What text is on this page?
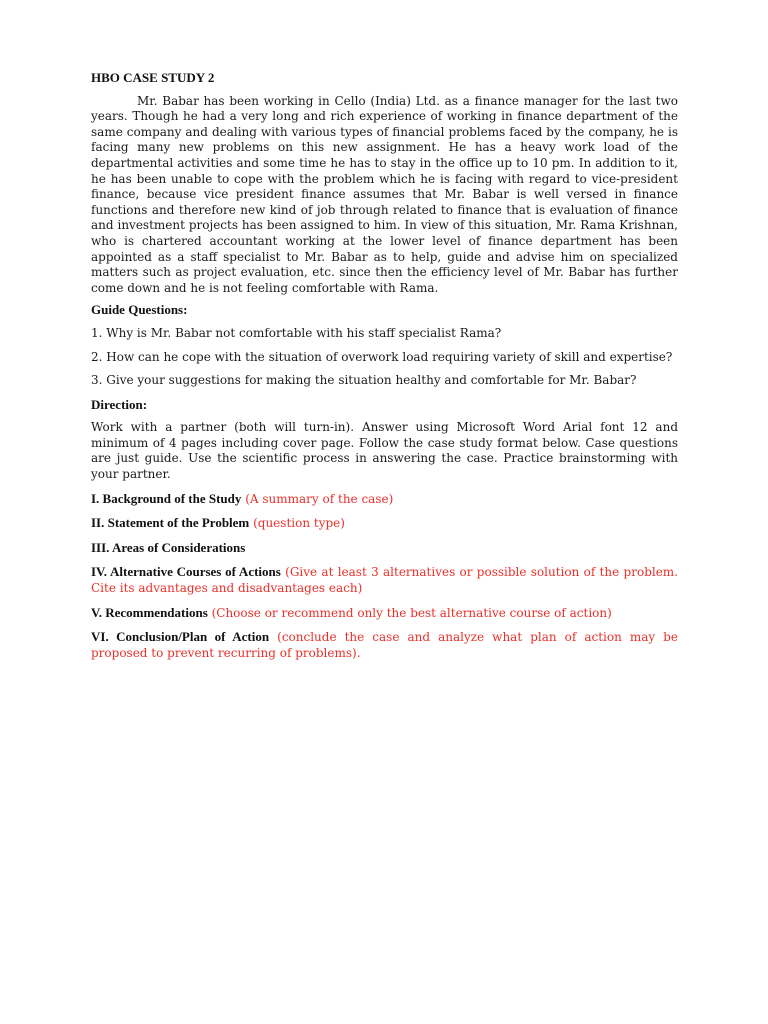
HBO CASE STUDY 2

Mr. Babar has been working in Cello (India) Ltd. as a finance manager for the last two years. Though he had a very long and rich experience of working in finance department of the same company and dealing with various types of financial problems faced by the company, he is facing many new problems on this new assignment. He has a heavy work load of the departmental activities and some time he has to stay in the office up to 10 pm. In addition to it, he has been unable to cope with the problem which he is facing with regard to vice-president finance, because vice president finance assumes that Mr. Babar is well versed in finance functions and therefore new kind of job through related to finance that is evaluation of finance and investment projects has been assigned to him. In view of this situation, Mr. Rama Krishnan, who is chartered accountant working at the lower level of finance department has been appointed as a staff specialist to Mr. Babar as to help, guide and advise him on specialized matters such as project evaluation, etc. since then the efficiency level of Mr. Babar has further come down and he is not feeling comfortable with Rama.

Guide Questions:

1. Why is Mr. Babar not comfortable with his staff specialist Rama?

2. How can he cope with the situation of overwork load requiring variety of skill and expertise?

3. Give your suggestions for making the situation healthy and comfortable for Mr. Babar?

Direction:

Work with a partner (both will turn-in). Answer using Microsoft Word Arial font 12 and minimum of 4 pages including cover page. Follow the case study format below. Case questions are just guide. Use the scientific process in answering the case. Practice brainstorming with your partner.

I. Background of the Study (A summary of the case)

II. Statement of the Problem (question type)

III. Areas of Considerations

IV. Alternative Courses of Actions (Give at least 3 alternatives or possible solution of the problem. Cite its advantages and disadvantages each)

V. Recommendations (Choose or recommend only the best alternative course of action)

VI. Conclusion/Plan of Action (conclude the case and analyze what plan of action may be proposed to prevent recurring of problems).
